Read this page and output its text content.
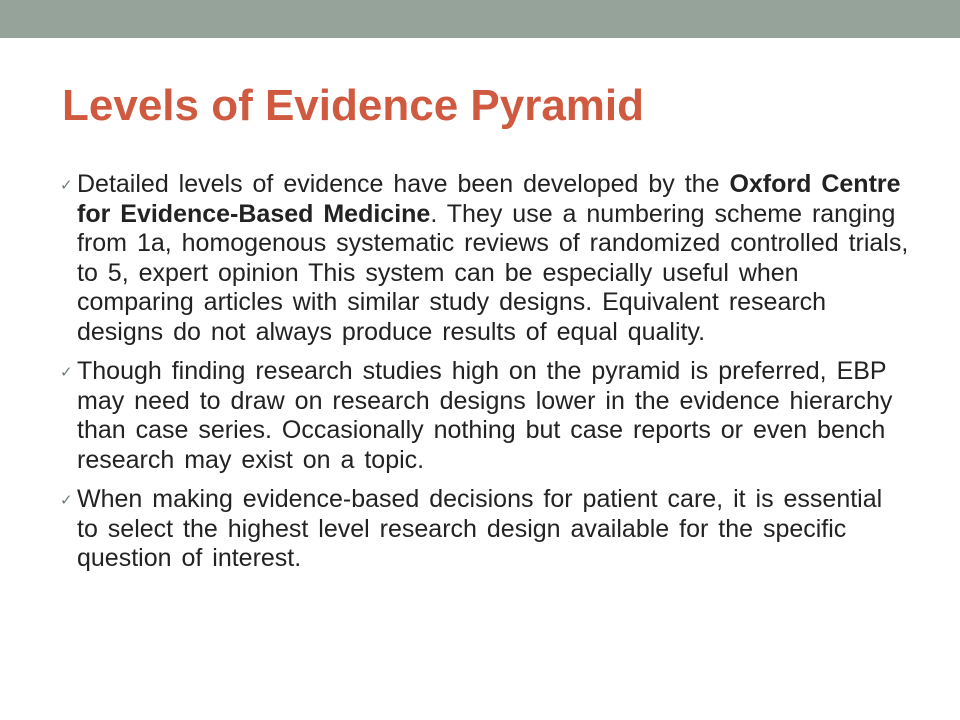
Levels of Evidence Pyramid
✓ Detailed levels of evidence have been developed by the Oxford Centre for Evidence-Based Medicine. They use a numbering scheme ranging from 1a, homogenous systematic reviews of randomized controlled trials, to 5, expert opinion This system can be especially useful when comparing articles with similar study designs. Equivalent research designs do not always produce results of equal quality.
✓ Though finding research studies high on the pyramid is preferred, EBP may need to draw on research designs lower in the evidence hierarchy than case series. Occasionally nothing but case reports or even bench research may exist on a topic.
✓ When making evidence-based decisions for patient care, it is essential to select the highest level research design available for the specific question of interest.
